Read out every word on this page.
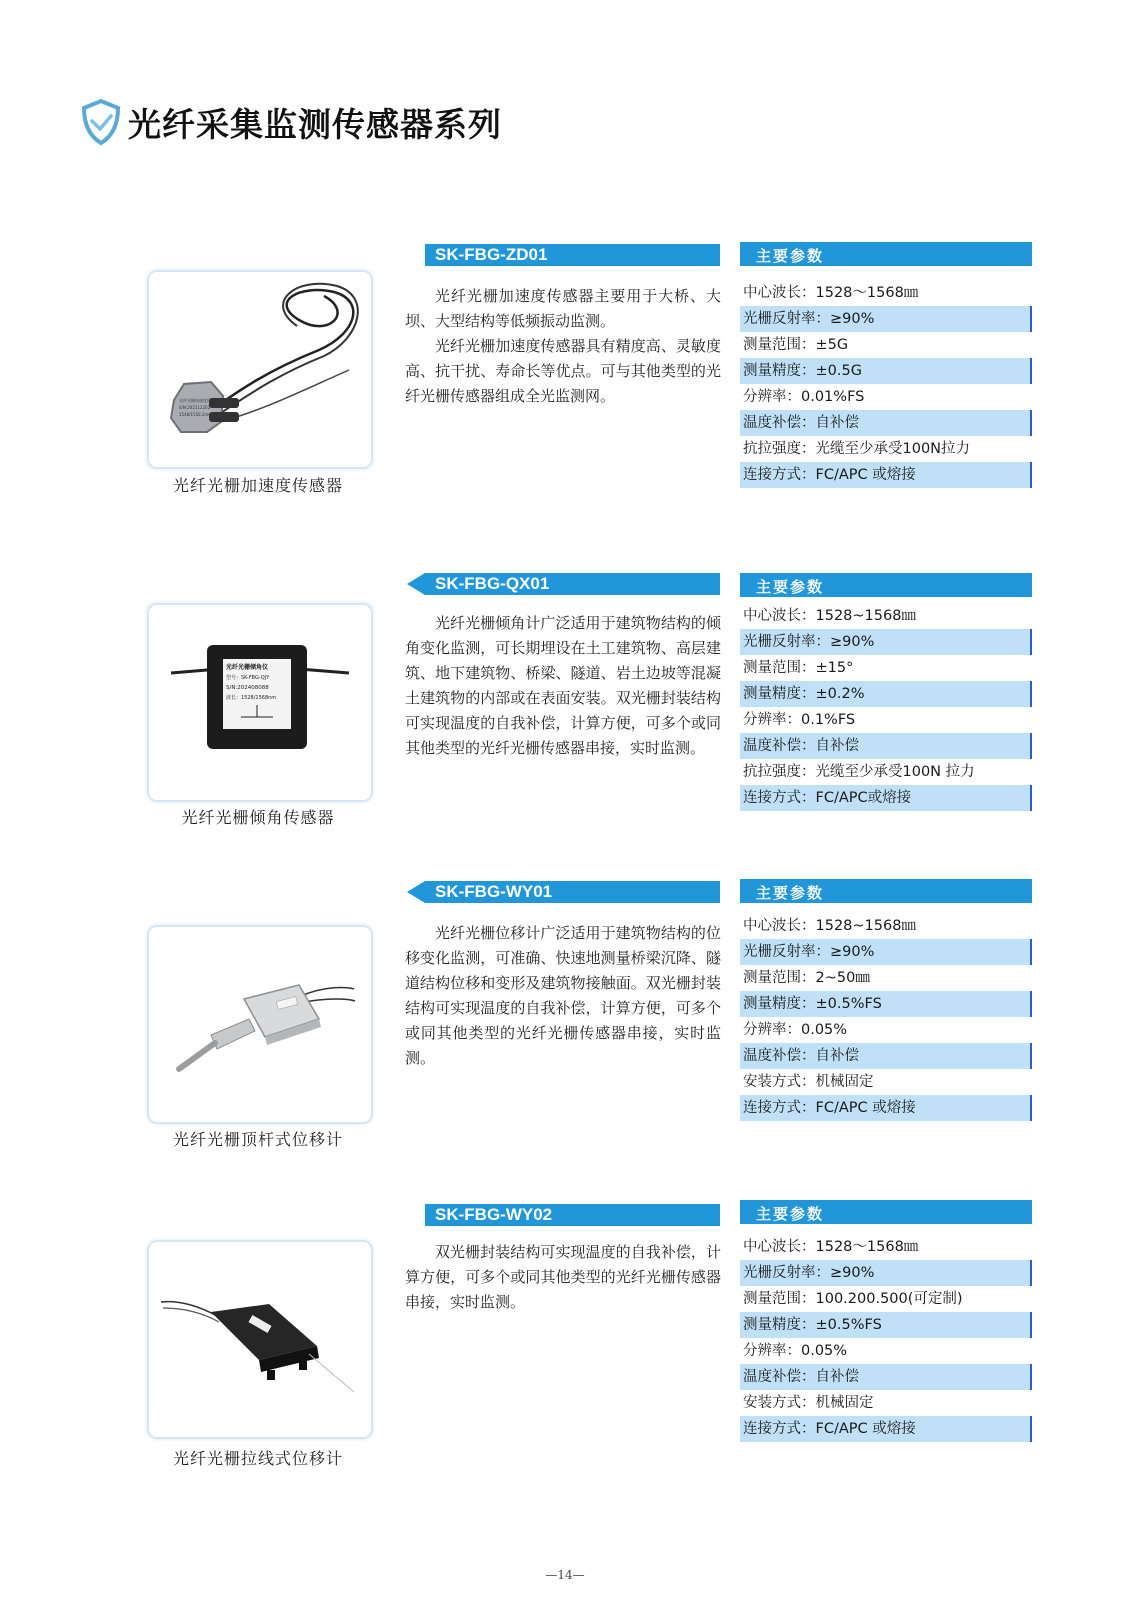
光纤采集监测传感器系列
光纤光栅加速度传感器
S/N:202112202
1548/1558.2nm
光纤光栅加速度传感器
SK-FBG-ZD01

光纤光栅加速度传感器主要用于大桥、大坝、大型结构等低频振动监测。

光纤光栅加速度传感器具有精度高、灵敏度高、抗干扰、寿命长等优点。可与其他类型的光纤光栅传感器组成全光监测网。

主要参数
中心波长：1528～1568㎚
光栅反射率：≥90%
测量范围：±5G
测量精度：±0.5G
分辨率：0.01%FS
温度补偿：自补偿
抗拉强度：光缆至少承受100N拉力
连接方式：FC/APC 或熔接
光纤光栅倾角仪
型号：SK-FBG-QJY
S/N:202408088
波长：1528/1568nm
光纤光栅倾角传感器
SK-FBG-QX01

光纤光栅倾角计广泛适用于建筑物结构的倾角变化监测，可长期埋设在土工建筑物、高层建筑、地下建筑物、桥梁、隧道、岩土边坡等混凝土建筑物的内部或在表面安装。双光栅封装结构可实现温度的自我补偿，计算方便，可多个或同其他类型的光纤光栅传感器串接，实时监测。

主要参数
中心波长：1528~1568㎚
光栅反射率：≥90%
测量范围：±15°
测量精度：±0.2%
分辨率：0.1%FS
温度补偿：自补偿
抗拉强度：光缆至少承受100N 拉力
连接方式：FC/APC或熔接
光纤光栅顶杆式位移计
SK-FBG-WY01

光纤光栅位移计广泛适用于建筑物结构的位移变化监测，可准确、快速地测量桥梁沉降、隧道结构位移和变形及建筑物接触面。双光栅封装结构可实现温度的自我补偿，计算方便，可多个或同其他类型的光纤光栅传感器串接，实时监测。

主要参数
中心波长：1528~1568㎚
光栅反射率：≥90%
测量范围：2~50㎜
测量精度：±0.5%FS
分辨率：0.05%
温度补偿：自补偿
安装方式：机械固定
连接方式：FC/APC 或熔接
光纤光栅拉线式位移计
SK-FBG-WY02

双光栅封装结构可实现温度的自我补偿，计算方便，可多个或同其他类型的光纤光栅传感器串接，实时监测。

主要参数
中心波长：1528～1568㎚
光栅反射率：≥90%
测量范围：100.200.500(可定制)
测量精度：±0.5%FS
分辨率：0.05%
温度补偿：自补偿
安装方式：机械固定
连接方式：FC/APC 或熔接
—14—
